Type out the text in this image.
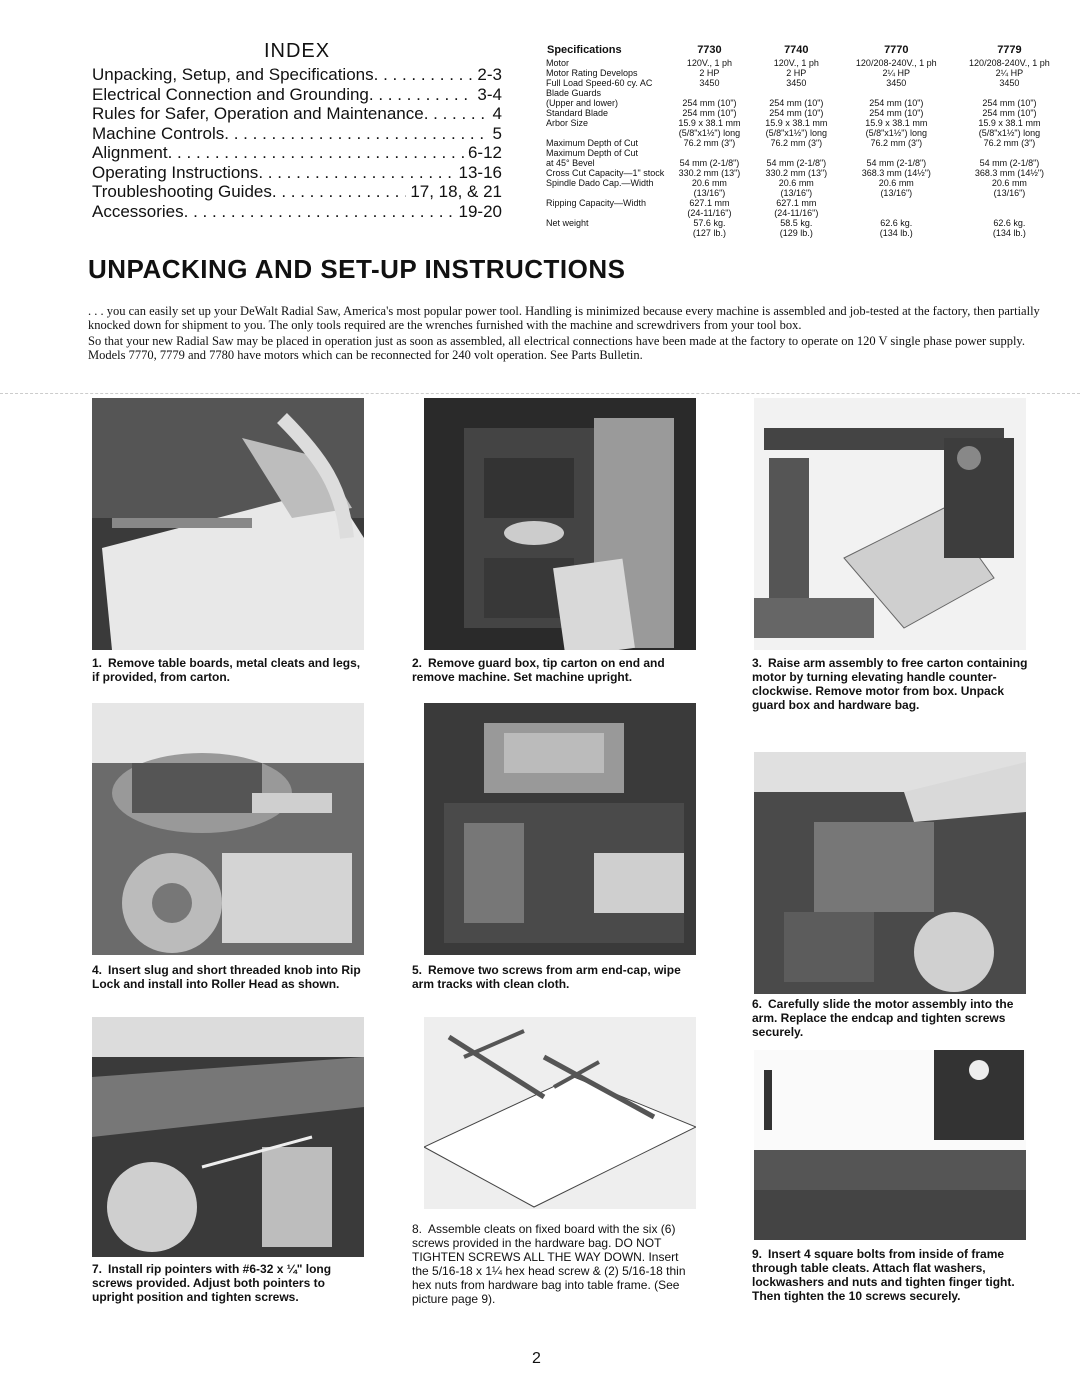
INDEX
Unpacking, Setup, and Specifications . . .	2-3
Electrical Connection and Grounding . . .	3-4
Rules for Safer, Operation and Maintenance . . .	4
Machine Controls . . .	5
Alignment . . .	6-12
Operating Instructions . . .	13-16
Troubleshooting Guides . . .	17, 18, & 21
Accessories . . .	19-20
UNPACKING AND SET-UP INSTRUCTIONS
Specifications	7730	7740	7770	7779
Motor	120V., 1 ph	120V., 1 ph	120/208-240V., 1 ph	120/208-240V., 1 ph
Motor Rating Develops	2 HP	2 HP	2¼ HP	2¼ HP
Full Load Speed-60 cy. AC	3450	3450	3450	3450
Blade Guards				
(Upper and lower)	254 mm (10")	254 mm (10")	254 mm (10")	254 mm (10")
Standard Blade	254 mm (10")	254 mm (10")	254 mm (10")	254 mm (10")
Arbor Size	15.9 x 38.1 mm	15.9 x 38.1 mm	15.9 x 38.1 mm	15.9 x 38.1 mm
	(5/8"x1½") long	(5/8"x1½") long	(5/8"x1½") long	(5/8"x1½") long
Maximum Depth of Cut	76.2 mm (3")	76.2 mm (3")	76.2 mm (3")	76.2 mm (3")
Maximum Depth of Cut				
at 45° Bevel	54 mm (2-1/8")	54 mm (2-1/8")	54 mm (2-1/8")	54 mm (2-1/8")
Cross Cut Capacity—1" stock	330.2 mm (13")	330.2 mm (13")	368.3 mm (14½")	368.3 mm (14½")
Spindle Dado Cap.—Width	20.6 mm	20.6 mm	20.6 mm	20.6 mm
	(13/16")	(13/16")	(13/16")	(13/16")
Ripping Capacity—Width	627.1 mm	627.1 mm		
	(24-11/16")	(24-11/16")		
Net weight	57.6 kg.	58.5 kg.	62.6 kg.	62.6 kg.
	(127 lb.)	(129 lb.)	(134 lb.)	(134 lb.)

. . . you can easily set up your DeWalt Radial Saw, America's most popular power tool. Handling is minimized because every machine is assembled and job-tested at the factory, then partially knocked down for shipment to you. The only tools required are the wrenches furnished with the machine and screwdrivers from your tool box.

So that your new Radial Saw may be placed in operation just as soon as assembled, all electrical connections have been made at the factory to operate on 120 V single phase power supply. Models 7770, 7779 and 7780 have motors which can be reconnected for 240 volt operation. See Parts Bulletin.

1. Remove table boards, metal cleats and legs, if provided, from carton.
2. Remove guard box, tip carton on end and remove machine. Set machine upright.
3. Raise arm assembly to free carton containing motor by turning elevating handle counter-clockwise. Remove motor from box. Unpack guard box and hardware bag.
4. Insert slug and short threaded knob into Rip Lock and install into Roller Head as shown.
5. Remove two screws from arm end-cap, wipe arm tracks with clean cloth.
6. Carefully slide the motor assembly into the arm. Replace the endcap and tighten screws securely.
7. Install rip pointers with #6-32 x ¼" long screws provided. Adjust both pointers to upright position and tighten screws.
8. Assemble cleats on fixed board with the six (6) screws provided in the hardware bag. DO NOT TIGHTEN SCREWS ALL THE WAY DOWN. Insert the 5/16-18 x 1¼ hex head screw & (2) 5/16-18 thin hex nuts from hardware bag into table frame. (See picture page 9).
9. Insert 4 square bolts from inside of frame through table cleats. Attach flat washers, lockwashers and nuts and tighten finger tight. Then tighten the 10 screws securely.
2
